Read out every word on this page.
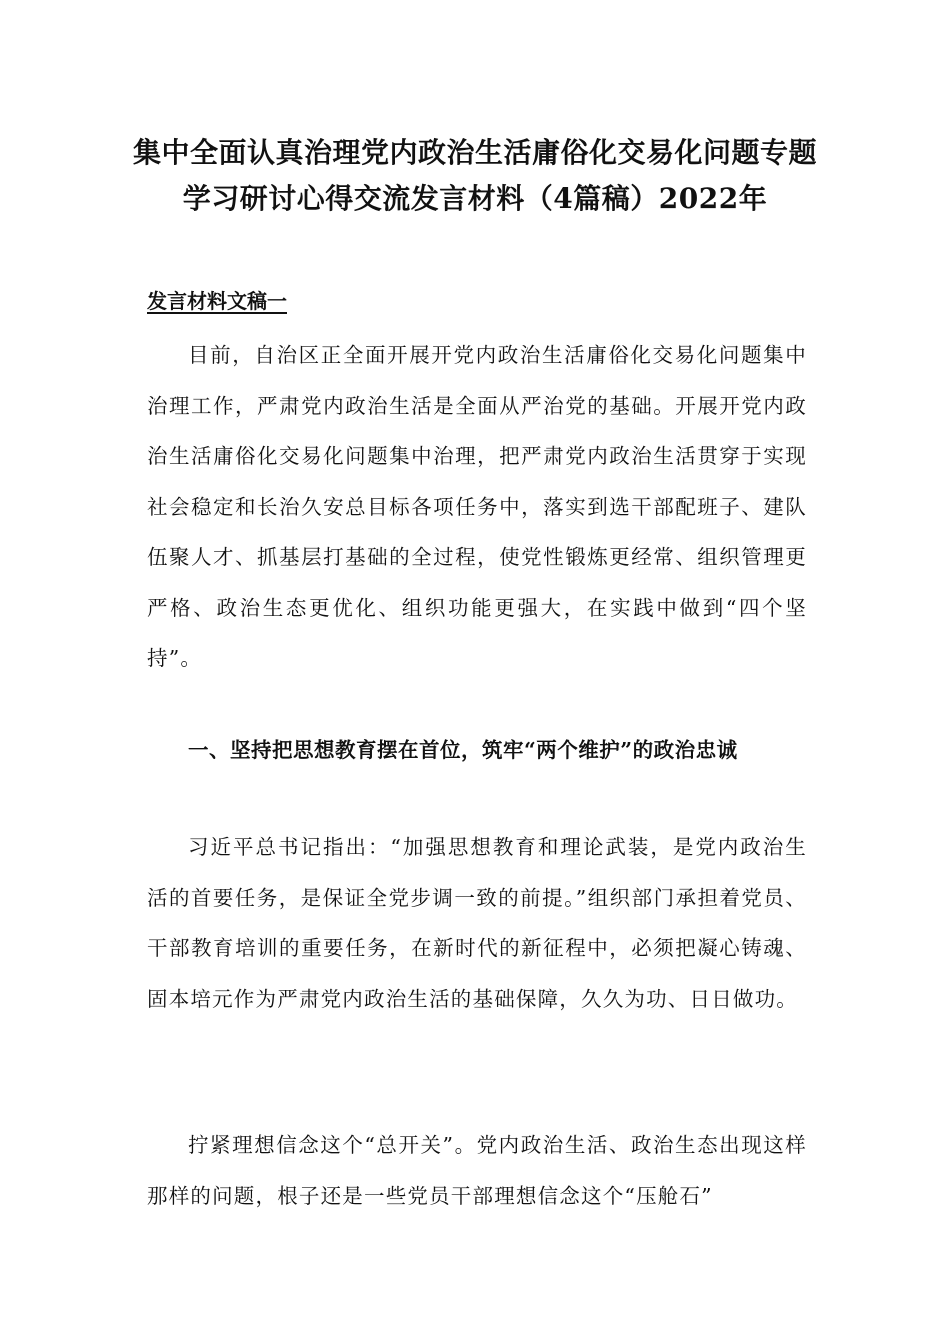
集中全面认真治理党内政治生活庸俗化交易化问题专题学习研讨心得交流发言材料（4篇稿）2022年

发言材料文稿一

目前，自治区正全面开展开党内政治生活庸俗化交易化问题集中治理工作，严肃党内政治生活是全面从严治党的基础。开展开党内政治生活庸俗化交易化问题集中治理，把严肃党内政治生活贯穿于实现社会稳定和长治久安总目标各项任务中，落实到选干部配班子、建队伍聚人才、抓基层打基础的全过程，使党性锻炼更经常、组织管理更严格、政治生态更优化、组织功能更强大，在实践中做到“四个坚持”。

一、坚持把思想教育摆在首位，筑牢“两个维护”的政治忠诚

习近平总书记指出：“加强思想教育和理论武装，是党内政治生活的首要任务，是保证全党步调一致的前提。”组织部门承担着党员、干部教育培训的重要任务，在新时代的新征程中，必须把凝心铸魂、固本培元作为严肃党内政治生活的基础保障，久久为功、日日做功。

拧紧理想信念这个“总开关”。党内政治生活、政治生态出现这样那样的问题，根子还是一些党员干部理想信念这个“压舱石”
